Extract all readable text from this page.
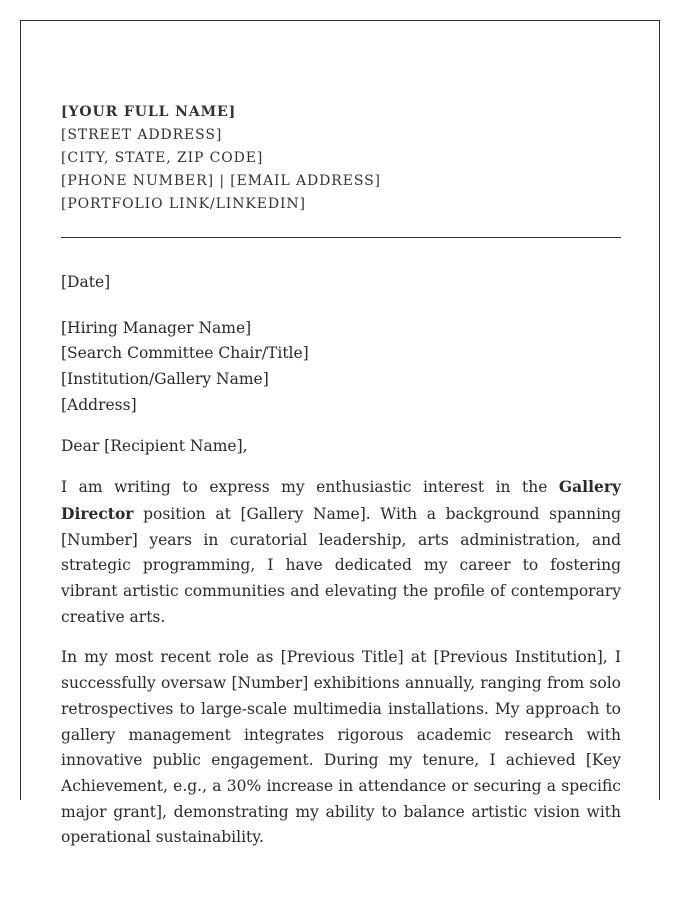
[YOUR FULL NAME]
[STREET ADDRESS]
[CITY, STATE, ZIP CODE]
[PHONE NUMBER] | [EMAIL ADDRESS]
[PORTFOLIO LINK/LINKEDIN]
[Date]
[Hiring Manager Name]
[Search Committee Chair/Title]
[Institution/Gallery Name]
[Address]
Dear [Recipient Name],
I am writing to express my enthusiastic interest in the Gallery Director position at [Gallery Name]. With a background spanning [Number] years in curatorial leadership, arts administration, and strategic programming, I have dedicated my career to fostering vibrant artistic communities and elevating the profile of contemporary creative arts.
In my most recent role as [Previous Title] at [Previous Institution], I successfully oversaw [Number] exhibitions annually, ranging from solo retrospectives to large-scale multimedia installations. My approach to gallery management integrates rigorous academic research with innovative public engagement. During my tenure, I achieved [Key Achievement, e.g., a 30% increase in attendance or securing a specific major grant], demonstrating my ability to balance artistic vision with operational sustainability.
